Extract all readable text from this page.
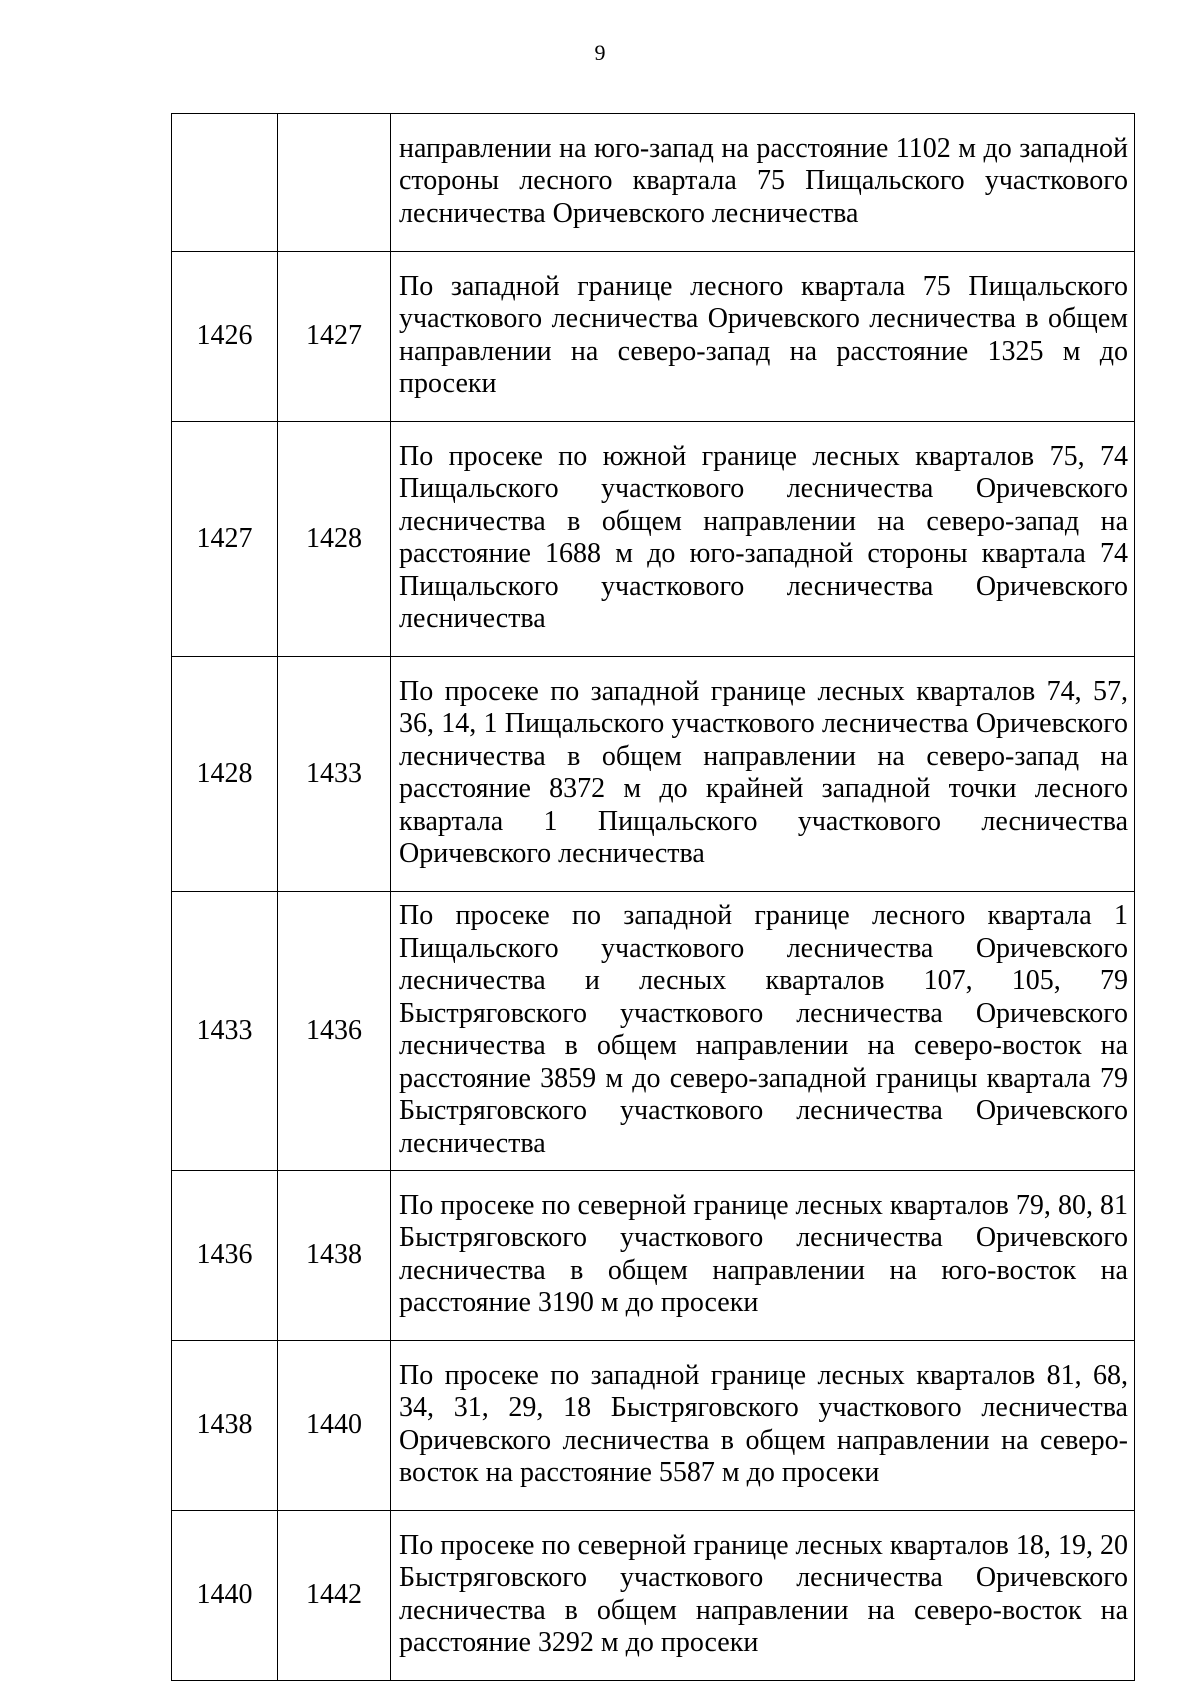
9
		направлении на юго-запад на расстояние 1102 м до западной стороны лесного квартала 75 Пищальского участкового лесничества Оричевского лесничества
1426	1427	По западной границе лесного квартала 75 Пищальского участкового лесничества Оричевского лесничества в общем направлении на северо-запад на расстояние 1325 м до просеки
1427	1428	По просеке по южной границе лесных кварталов 75, 74 Пищальского участкового лесничества Оричевского лесничества в общем направлении на северо-запад на расстояние 1688 м до юго-западной стороны квартала 74 Пищальского участкового лесничества Оричевского лесничества
1428	1433	По просеке по западной границе лесных кварталов 74, 57, 36, 14, 1 Пищальского участкового лесничества Оричевского лесничества в общем направлении на северо-запад на расстояние 8372 м до крайней западной точки лесного квартала 1 Пищальского участкового лесничества Оричевского лесничества
1433	1436	По просеке по западной границе лесного квартала 1 Пищальского участкового лесничества Оричевского лесничества и лесных кварталов 107, 105, 79 Быстряговского участкового лесничества Оричевского лесничества в общем направлении на северо-восток на расстояние 3859 м до северо-западной границы квартала 79 Быстряговского участкового лесничества Оричевского лесничества
1436	1438	По просеке по северной границе лесных кварталов 79, 80, 81 Быстряговского участкового лесничества Оричевского лесничества в общем направлении на юго-восток на расстояние 3190 м до просеки
1438	1440	По просеке по западной границе лесных кварталов 81, 68, 34, 31, 29, 18 Быстряговского участкового лесничества Оричевского лесничества в общем направлении на северо-восток на расстояние 5587 м до просеки
1440	1442	По просеке по северной границе лесных кварталов 18, 19, 20 Быстряговского участкового лесничества Оричевского лесничества в общем направлении на северо-восток на расстояние 3292 м до просеки
